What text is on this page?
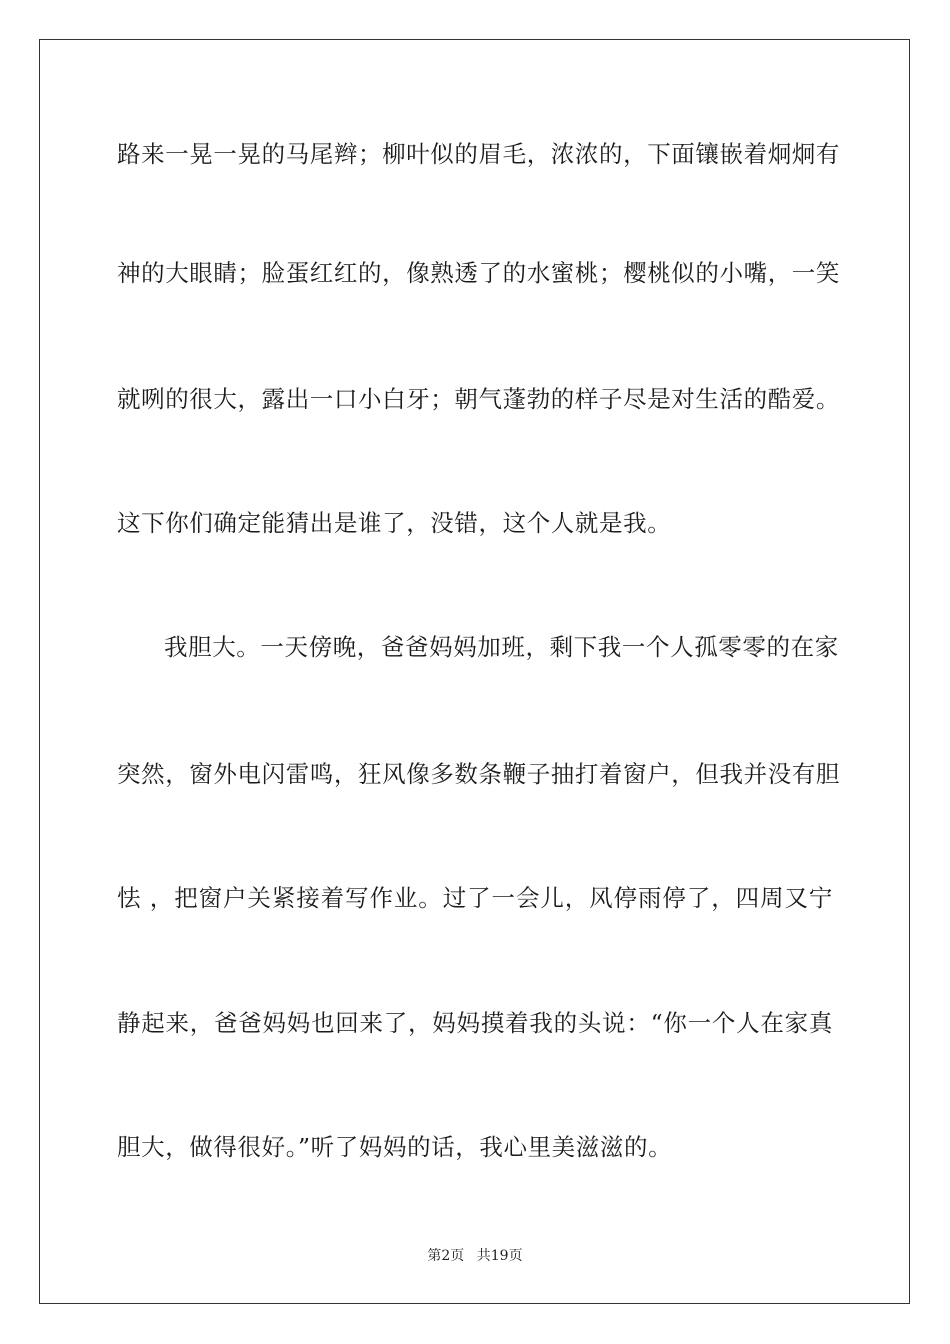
路来一晃一晃的马尾辫；柳叶似的眉毛，浓浓的，下面镶嵌着炯炯有
神的大眼睛；脸蛋红红的，像熟透了的水蜜桃；樱桃似的小嘴，一笑
就咧的很大，露出一口小白牙；朝气蓬勃的样子尽是对生活的酷爱。
这下你们确定能猜出是谁了，没错，这个人就是我。
我胆大。一天傍晚，爸爸妈妈加班，剩下我一个人孤零零的在家
突然，窗外电闪雷鸣，狂风像多数条鞭子抽打着窗户，但我并没有胆
怯 ，把窗户关紧接着写作业。过了一会儿，风停雨停了，四周又宁
静起来，爸爸妈妈也回来了，妈妈摸着我的头说：“你一个人在家真
胆大，做得很好。”听了妈妈的话，我心里美滋滋的。
第2页 共19页
